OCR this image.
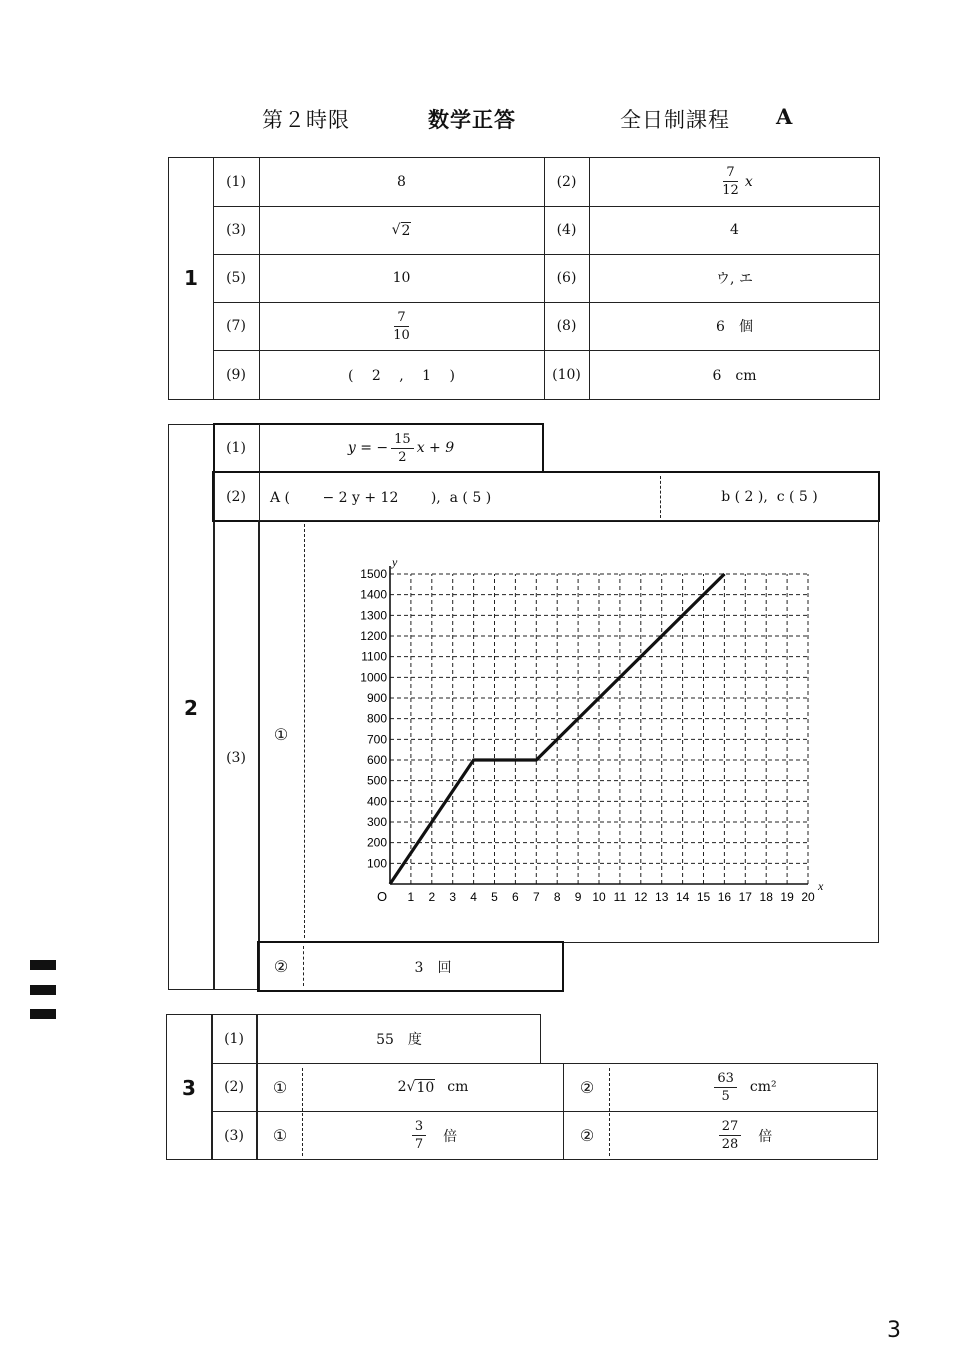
第２時限	数学正答	全日制課程 A
1
(1)	8	(2)	$\frac{7}{12}$ x
(3)	√ 2	(4)	4
(5)	10	(6)	ウ, エ
(7)	$\frac{7}{10}$	(8)	6　個
(9)	(　 2　 ,　 1　 )	(10)	6　cm
2
(1)	y = − $\frac{15}{2}$ x + 9
(2)	A (　　 − 2 y + 12　　 ),  a ( 5 )	b ( 2 ),  c ( 5 )
(3)
①
1 2 3 4 5 6 7 8 9 10 11 12 13 14 15 16 17 18 19 20
100
200
300
400
500
600
700
800
900
1000
1100
1200
1300
1400
1500
O
x
y
②	3　回
3
(1)	55　度
(2)	①	2 √ 10 cm	②	$\frac{63}{5} cm^2$
(3)	①	$\frac{3}{7}$ 倍	②	$\frac{27}{28}$ 倍
3
